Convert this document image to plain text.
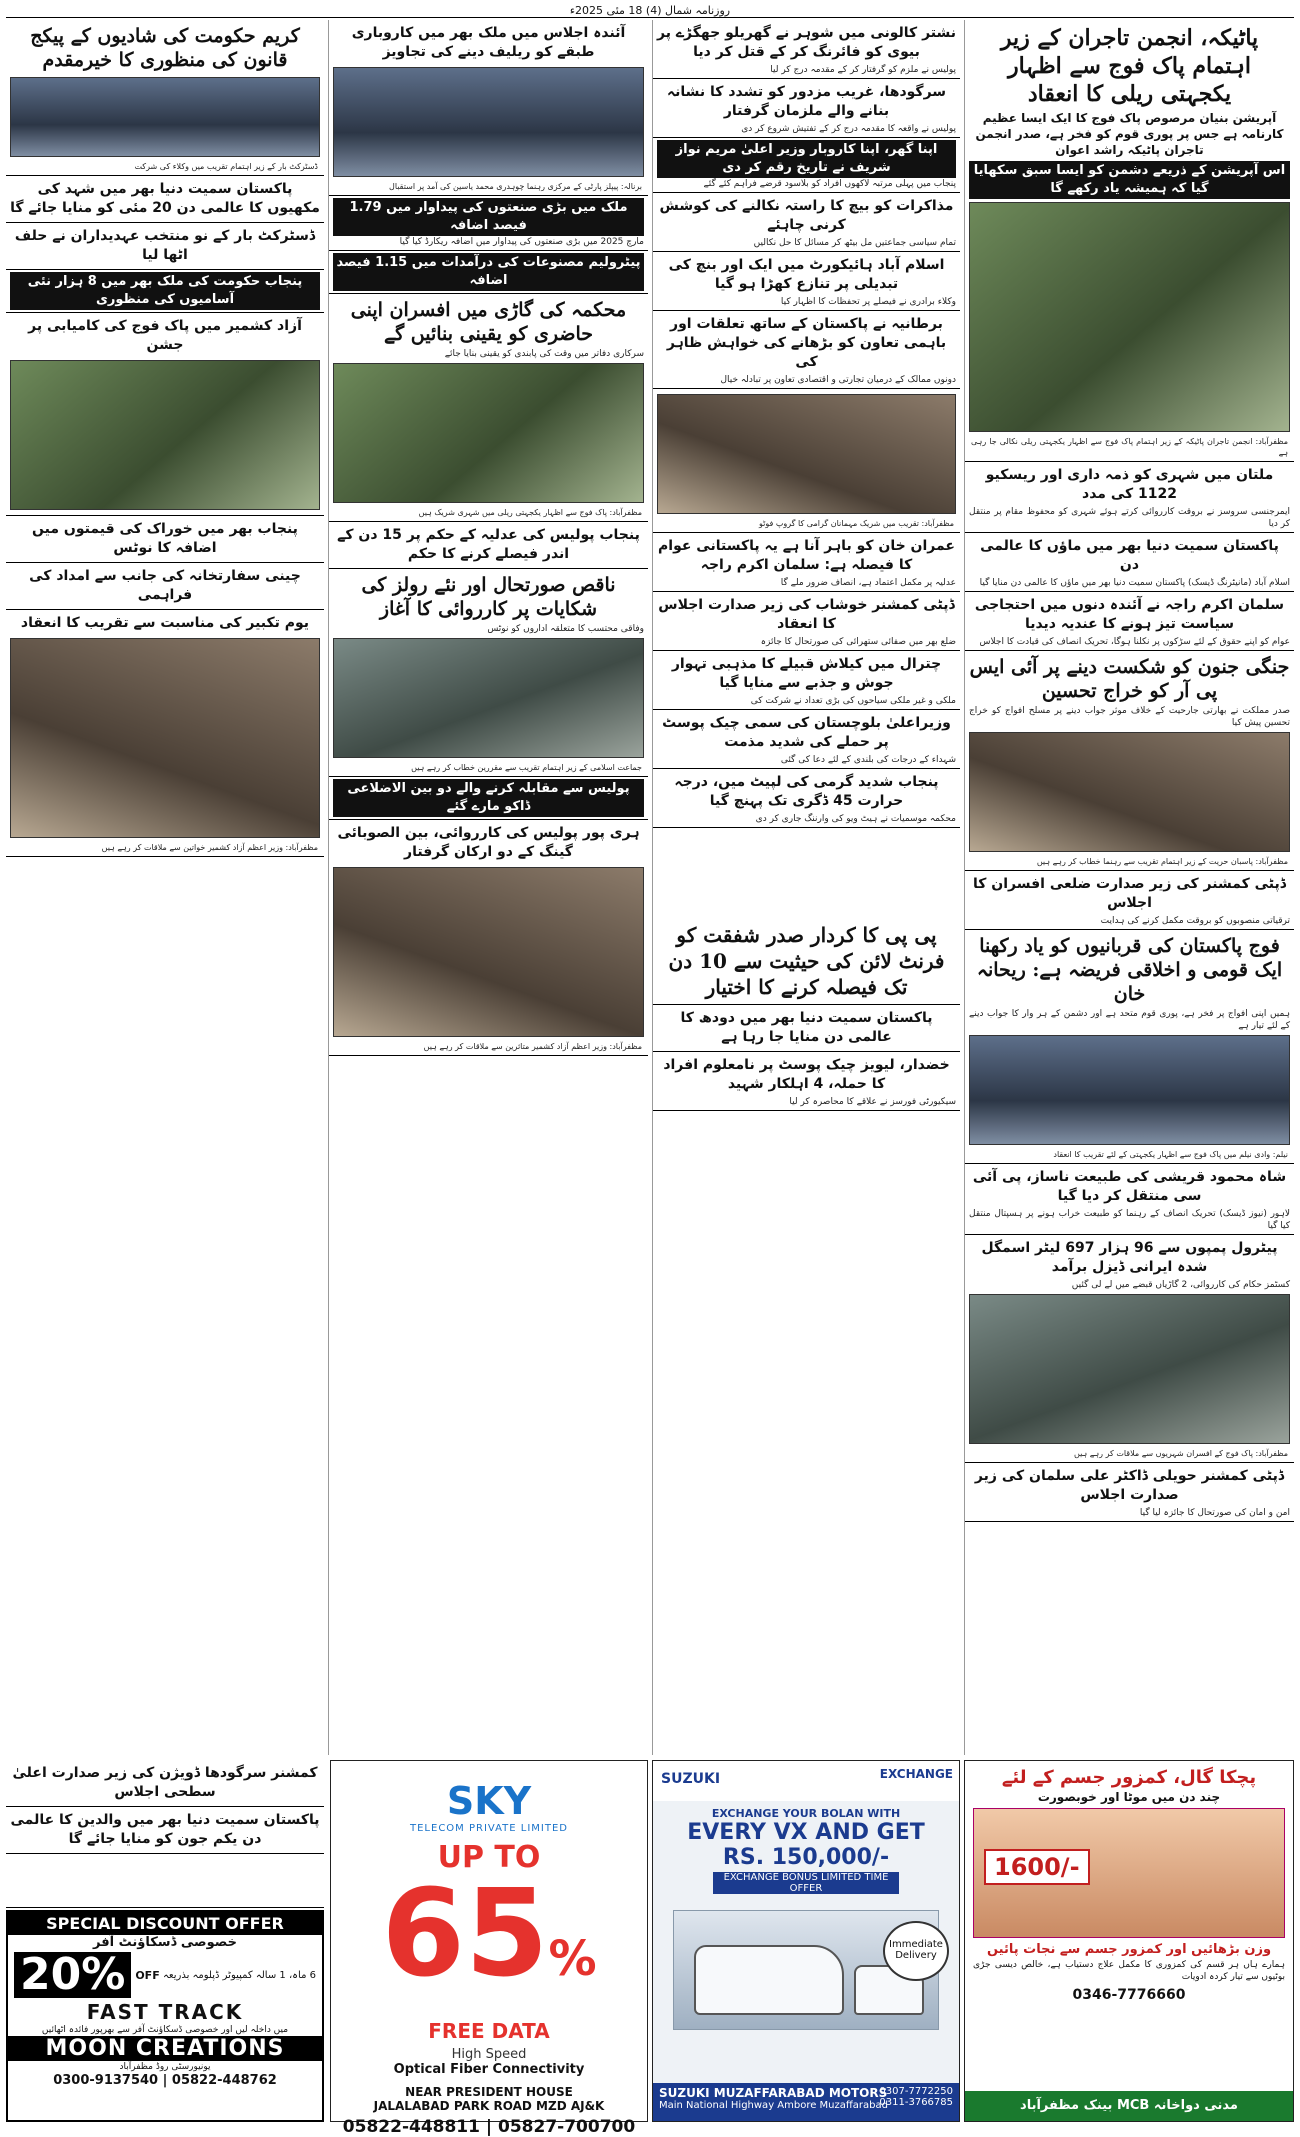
روزنامہ شمال (4) 18 مئی 2025ء
پاٹیکہ، انجمن تاجران کے زیر اہتمام پاک فوج سے اظہار یکجہتی ریلی کا انعقاد
آپریشن بنیان مرصوص پاک فوج کا ایک ایسا عظیم کارنامہ ہے جس پر پوری قوم کو فخر ہے، صدر انجمن تاجران پاٹیکہ راشد اعوان
اس آپریشن کے ذریعے دشمن کو ایسا سبق سکھایا گیا کہ ہمیشہ یاد رکھے گا
مظفرآباد: انجمن تاجران پاٹیکہ کے زیر اہتمام پاک فوج سے اظہار یکجہتی ریلی نکالی جا رہی ہے
ملتان میں شہری کو ذمہ داری اور ریسکیو 1122 کی مدد
ایمرجنسی سروسز نے بروقت کارروائی کرتے ہوئے شہری کو محفوظ مقام پر منتقل کر دیا
پاکستان سمیت دنیا بھر میں ماؤں کا عالمی دن
اسلام آباد (مانیٹرنگ ڈیسک) پاکستان سمیت دنیا بھر میں ماؤں کا عالمی دن منایا گیا
سلمان اکرم راجہ نے آئندہ دنوں میں احتجاجی سیاست تیز ہونے کا عندیہ دیدیا
عوام کو اپنے حقوق کے لئے سڑکوں پر نکلنا ہوگا، تحریک انصاف کی قیادت کا اجلاس
جنگی جنون کو شکست دینے پر آئی ایس پی آر کو خراج تحسین
صدر مملکت نے بھارتی جارحیت کے خلاف موثر جواب دینے پر مسلح افواج کو خراج تحسین پیش کیا
مظفرآباد: پاسبان حریت کے زیر اہتمام تقریب سے رہنما خطاب کر رہے ہیں
ڈپٹی کمشنر کی زیر صدارت ضلعی افسران کا اجلاس
ترقیاتی منصوبوں کو بروقت مکمل کرنے کی ہدایت
فوج پاکستان کی قربانیوں کو یاد رکھنا ایک قومی و اخلاقی فریضہ ہے: ریحانہ خان
ہمیں اپنی افواج پر فخر ہے، پوری قوم متحد ہے اور دشمن کے ہر وار کا جواب دینے کے لئے تیار ہے
نیلم: وادی نیلم میں پاک فوج سے اظہار یکجہتی کے لئے تقریب کا انعقاد
شاہ محمود قریشی کی طبیعت ناساز، پی آئی سی منتقل کر دیا گیا
لاہور (نیوز ڈیسک) تحریک انصاف کے رہنما کو طبیعت خراب ہونے پر ہسپتال منتقل کیا گیا
پیٹرول پمپوں سے 96 ہزار 697 لیٹر اسمگل شدہ ایرانی ڈیزل برآمد
کسٹمز حکام کی کارروائی، 2 گاڑیاں قبضے میں لے لی گئیں
مظفرآباد: پاک فوج کے افسران شہریوں سے ملاقات کر رہے ہیں
ڈپٹی کمشنر حویلی ڈاکٹر علی سلمان کی زیر صدارت اجلاس
امن و امان کی صورتحال کا جائزہ لیا گیا
نشتر کالونی میں شوہر نے گھریلو جھگڑے پر بیوی کو فائرنگ کر کے قتل کر دیا
پولیس نے ملزم کو گرفتار کر کے مقدمہ درج کر لیا
سرگودھا، غریب مزدور کو تشدد کا نشانہ بنانے والے ملزمان گرفتار
پولیس نے واقعہ کا مقدمہ درج کر کے تفتیش شروع کر دی
اپنا گھر، اپنا کاروبار وزیر اعلیٰ مریم نواز شریف نے تاریخ رقم کر دی
پنجاب میں پہلی مرتبہ لاکھوں افراد کو بلاسود قرضے فراہم کئے گئے
مذاکرات کو بیچ کا راستہ نکالنے کی کوشش کرنی چاہئے
تمام سیاسی جماعتیں مل بیٹھ کر مسائل کا حل نکالیں
اسلام آباد ہائیکورٹ میں ایک اور بنچ کی تبدیلی پر تنازع کھڑا ہو گیا
وکلاء برادری نے فیصلے پر تحفظات کا اظہار کیا
برطانیہ نے پاکستان کے ساتھ تعلقات اور باہمی تعاون کو بڑھانے کی خواہش ظاہر کی
دونوں ممالک کے درمیان تجارتی و اقتصادی تعاون پر تبادلہ خیال
مظفرآباد: تقریب میں شریک مہمانان گرامی کا گروپ فوٹو
عمران خان کو باہر آنا ہے یہ پاکستانی عوام کا فیصلہ ہے: سلمان اکرم راجہ
عدلیہ پر مکمل اعتماد ہے، انصاف ضرور ملے گا
ڈپٹی کمشنر خوشاب کی زیر صدارت اجلاس کا انعقاد
ضلع بھر میں صفائی ستھرائی کی صورتحال کا جائزہ
چترال میں کیلاش قبیلے کا مذہبی تہوار جوش و جذبے سے منایا گیا
ملکی و غیر ملکی سیاحوں کی بڑی تعداد نے شرکت کی
وزیراعلیٰ بلوچستان کی سمی چیک پوسٹ پر حملے کی شدید مذمت
شہداء کے درجات کی بلندی کے لئے دعا کی گئی
پنجاب شدید گرمی کی لپیٹ میں، درجہ حرارت 45 ڈگری تک پہنچ گیا
محکمہ موسمیات نے ہیٹ ویو کی وارننگ جاری کر دی
پی پی کا کردار صدر شفقت کو فرنٹ لائن کی حیثیت سے 10 دن تک فیصلہ کرنے کا اختیار
پاکستان سمیت دنیا بھر میں دودھ کا عالمی دن منایا جا رہا ہے
خضدار، لیویز چیک پوسٹ پر نامعلوم افراد کا حملہ، 4 اہلکار شہید
سیکیورٹی فورسز نے علاقے کا محاصرہ کر لیا
آئندہ اجلاس میں ملک بھر میں کاروباری طبقے کو ریلیف دینے کی تجاویز
برنالہ: پیپلز پارٹی کے مرکزی رہنما چوہدری محمد یاسین کی آمد پر استقبال
ملک میں بڑی صنعتوں کی پیداوار میں 1.79 فیصد اضافہ
مارچ 2025 میں بڑی صنعتوں کی پیداوار میں اضافہ ریکارڈ کیا گیا
پیٹرولیم مصنوعات کی درآمدات میں 1.15 فیصد اضافہ
محکمہ کی گاڑی میں افسران اپنی حاضری کو یقینی بنائیں گے
سرکاری دفاتر میں وقت کی پابندی کو یقینی بنایا جائے
مظفرآباد: پاک فوج سے اظہار یکجہتی ریلی میں شہری شریک ہیں
پنجاب پولیس کی عدلیہ کے حکم پر 15 دن کے اندر فیصلے کرنے کا حکم
ناقص صورتحال اور نئے رولز کی شکایات پر کارروائی کا آغاز
وفاقی محتسب کا متعلقہ اداروں کو نوٹس
جماعت اسلامی کے زیر اہتمام تقریب سے مقررین خطاب کر رہے ہیں
پولیس سے مقابلہ کرنے والے دو بین الاضلاعی ڈاکو مارے گئے
ہری پور پولیس کی کارروائی، بین الصوبائی گینگ کے دو ارکان گرفتار
مظفرآباد: وزیر اعظم آزاد کشمیر متاثرین سے ملاقات کر رہے ہیں
کریم حکومت کی شادیوں کے پیکج قانون کی منظوری کا خیرمقدم
ڈسٹرکٹ بار کے زیر اہتمام تقریب میں وکلاء کی شرکت
پاکستان سمیت دنیا بھر میں شہد کی مکھیوں کا عالمی دن 20 مئی کو منایا جائے گا
ڈسٹرکٹ بار کے نو منتخب عہدیداران نے حلف اٹھا لیا
پنجاب حکومت کی ملک بھر میں 8 ہزار نئی آسامیوں کی منظوری
آزاد کشمیر میں پاک فوج کی کامیابی پر جشن
پنجاب بھر میں خوراک کی قیمتوں میں اضافہ کا نوٹس
چینی سفارتخانہ کی جانب سے امداد کی فراہمی
یوم تکبیر کی مناسبت سے تقریب کا انعقاد
مظفرآباد: وزیر اعظم آزاد کشمیر خواتین سے ملاقات کر رہے ہیں
کمشنر سرگودھا ڈویژن کی زیر صدارت اعلیٰ سطحی اجلاس
پاکستان سمیت دنیا بھر میں والدین کا عالمی دن یکم جون کو منایا جائے گا
SKY
TELECOM PRIVATE LIMITED
UP TO
65%
FREE DATA
High Speed
Optical Fiber Connectivity
NEAR PRESIDENT HOUSE
JALALABAD PARK ROAD MZD AJ&K
05822-448811 | 05827-700700
SUZUKI	EXCHANGE
EXCHANGE YOUR BOLAN WITH
EVERY VX AND GET
RS. 150,000/-
EXCHANGE BONUS LIMITED TIME OFFER
Immediate Delivery
SUZUKI MUZAFFARABAD MOTORS
Main National Highway Ambore Muzaffarabad
0307-7772250
0311-3766785
پچکا گال، کمزور جسم کے لئے
چند دن میں موٹا اور خوبصورت
1600/-
وزن بڑھائیں اور کمزور جسم سے نجات پائیں
ہمارے ہاں ہر قسم کی کمزوری کا مکمل علاج دستیاب ہے، خالص دیسی جڑی بوٹیوں سے تیار کردہ ادویات
0346-7776660
مدنی دواخانہ MCB بینک مظفرآباد
SPECIAL DISCOUNT OFFER
خصوصی ڈسکاؤنٹ آفر
20% OFF 6 ماہ، 1 سالہ کمپیوٹر ڈپلومہ بذریعہ
FAST TRACK
میں داخلہ لیں اور خصوصی ڈسکاؤنٹ آفر سے بھرپور فائدہ اٹھائیں
MOON CREATIONS
یونیورسٹی روڈ مظفرآباد
0300-9137540 | 05822-448762
